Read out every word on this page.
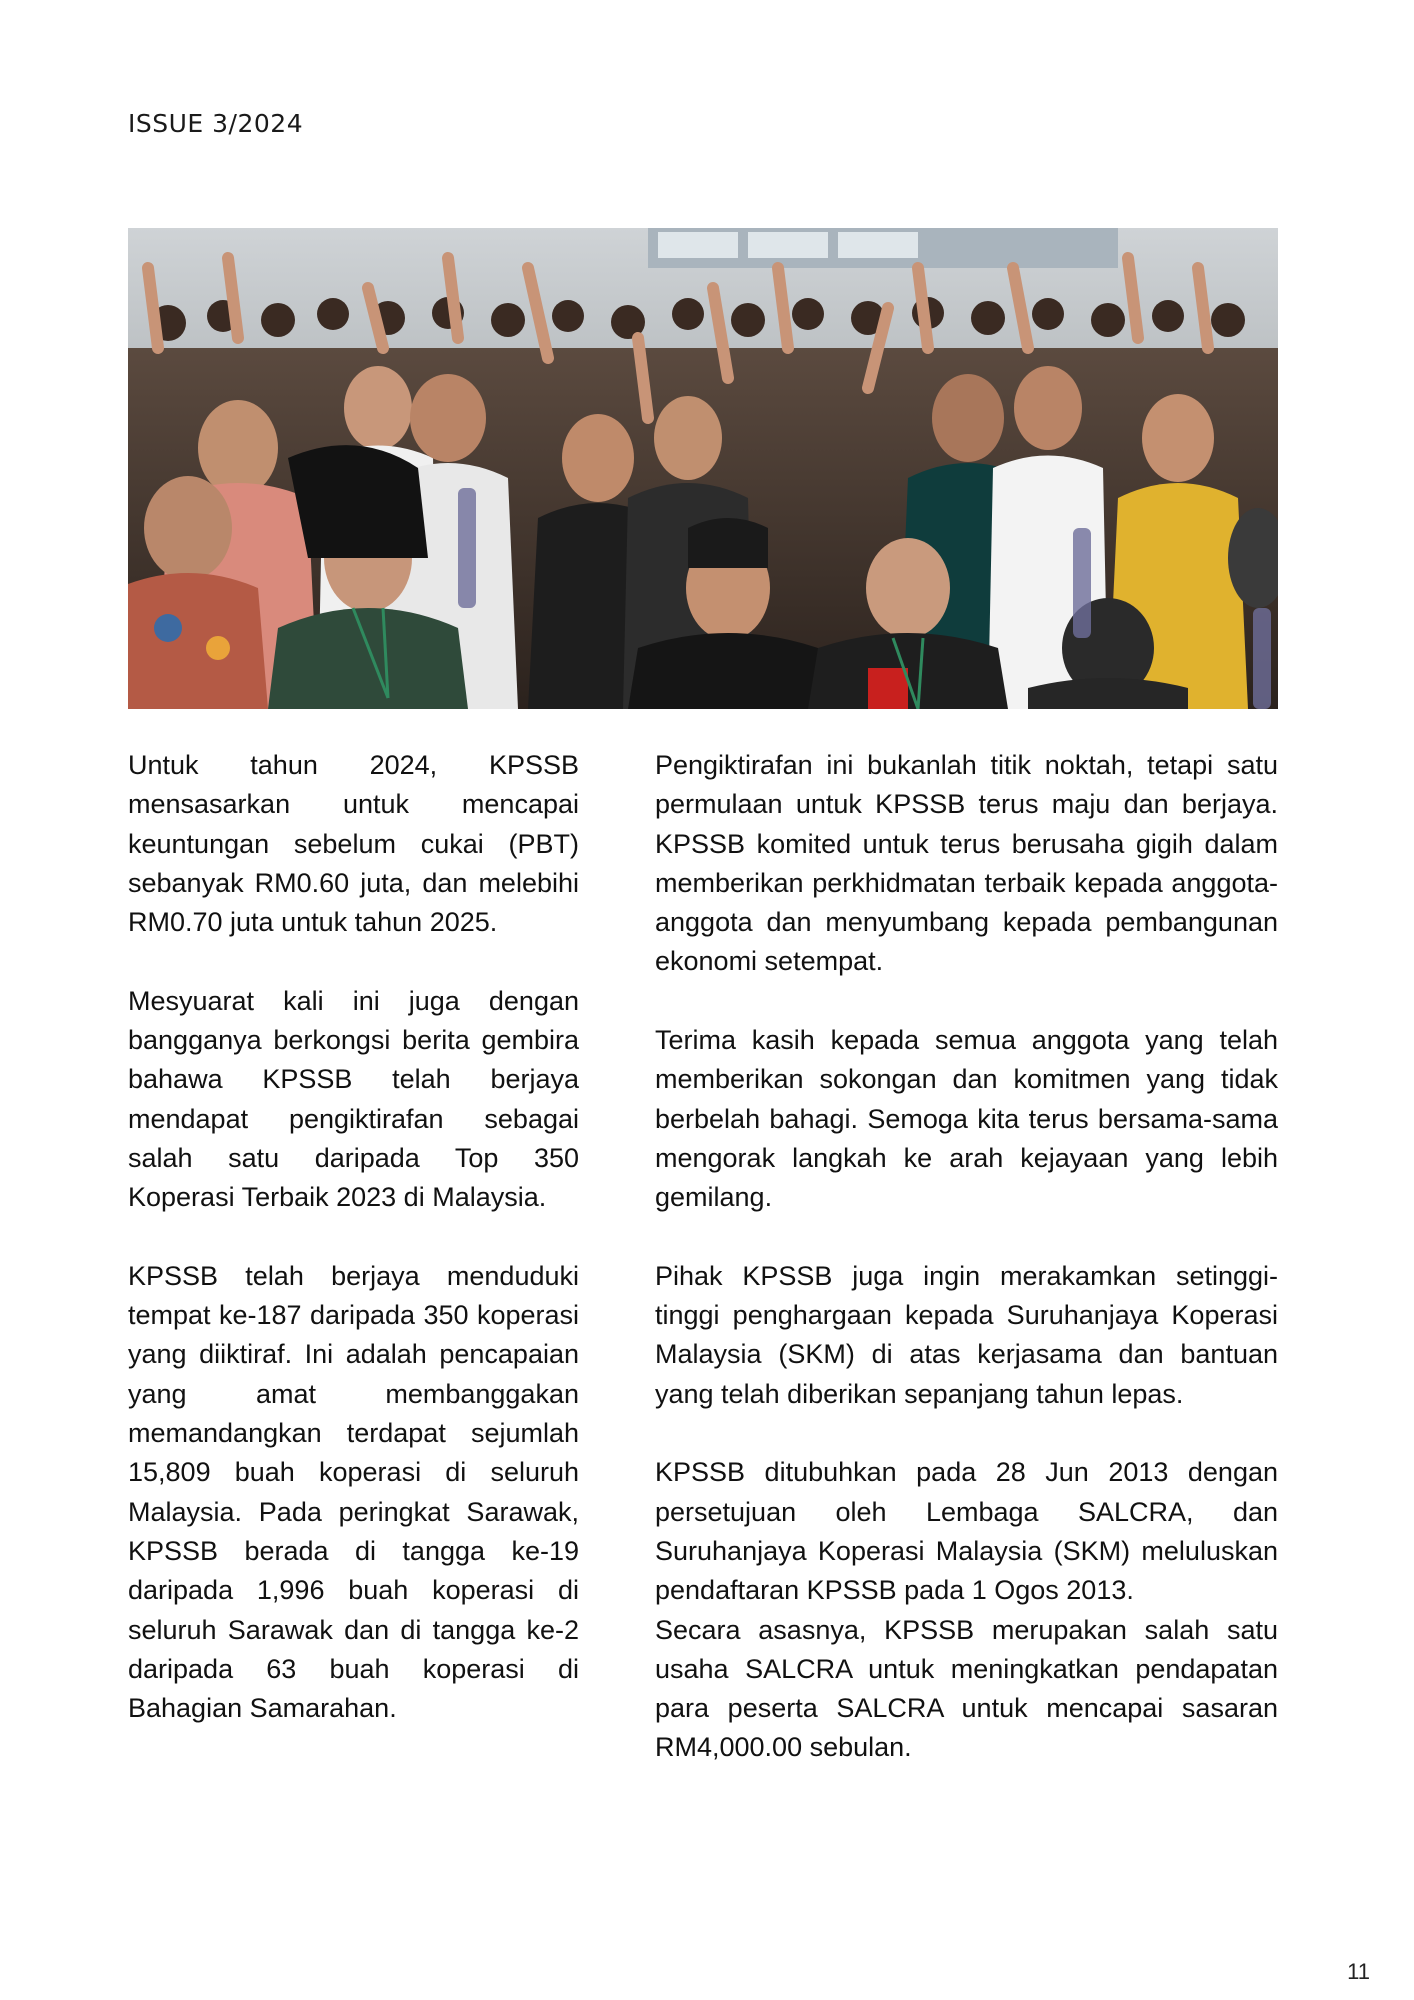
ISSUE 3/2024

Untuk tahun 2024, KPSSB mensasarkan untuk mencapai keuntungan sebelum cukai (PBT) sebanyak RM0.60 juta, dan melebihi RM0.70 juta untuk tahun 2025.

Mesyuarat kali ini juga dengan bangganya berkongsi berita gembira bahawa KPSSB telah berjaya mendapat pengiktirafan sebagai salah satu daripada Top 350 Koperasi Terbaik 2023 di Malaysia.

KPSSB telah berjaya menduduki tempat ke-187 daripada 350 koperasi yang diiktiraf. Ini adalah pencapaian yang amat membanggakan memandangkan terdapat sejumlah 15,809 buah koperasi di seluruh Malaysia. Pada peringkat Sarawak, KPSSB berada di tangga ke-19 daripada 1,996 buah koperasi di seluruh Sarawak dan di tangga ke-2 daripada 63 buah koperasi di Bahagian Samarahan.

Pengiktirafan ini bukanlah titik noktah, tetapi satu permulaan untuk KPSSB terus maju dan berjaya. KPSSB komited untuk terus berusaha gigih dalam memberikan perkhidmatan terbaik kepada anggota-anggota dan menyumbang kepada pembangunan ekonomi setempat.

Terima kasih kepada semua anggota yang telah memberikan sokongan dan komitmen yang tidak berbelah bahagi. Semoga kita terus bersama-sama mengorak langkah ke arah kejayaan yang lebih gemilang.

Pihak KPSSB juga ingin merakamkan setinggi-tinggi penghargaan kepada Suruhanjaya Koperasi Malaysia (SKM) di atas kerjasama dan bantuan yang telah diberikan sepanjang tahun lepas.

KPSSB ditubuhkan pada 28 Jun 2013 dengan persetujuan oleh Lembaga SALCRA, dan Suruhanjaya Koperasi Malaysia (SKM) meluluskan pendaftaran KPSSB pada 1 Ogos 2013.

Secara asasnya, KPSSB merupakan salah satu usaha SALCRA untuk meningkatkan pendapatan para peserta SALCRA untuk mencapai sasaran RM4,000.00 sebulan.

11
